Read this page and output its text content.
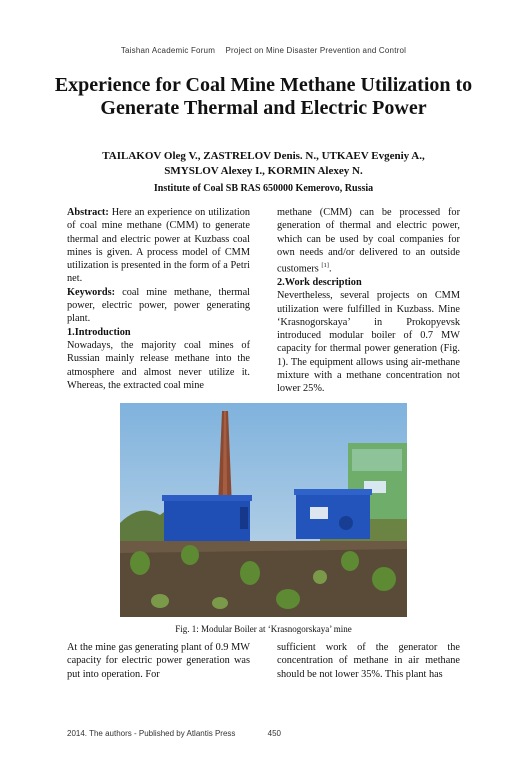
Taishan Academic Forum Project on Mine Disaster Prevention and Control
Experience for Coal Mine Methane Utilization to Generate Thermal and Electric Power
TAILAKOV Oleg V., ZASTRELOV Denis. N., UTKAEV Evgeniy A.,
SMYSLOV Alexey I., KORMIN Alexey N.
Institute of Coal SB RAS 650000 Kemerovo, Russia

Abstract: Here an experience on utilization of coal mine methane (CMM) to generate thermal and electric power at Kuzbass coal mines is given. A process model of CMM utilization is presented in the form of a Petri net.

Keywords: coal mine methane, thermal power, electric power, power generating plant.

1.Introduction

Nowadays, the majority coal mines of Russian mainly release methane into the atmosphere and almost never utilize it. Whereas, the extracted coal mine

methane (CMM) can be processed for generation of thermal and electric power, which can be used by coal companies for own needs and/or delivered to an outside customers [1].

2.Work description

Nevertheless, several projects on CMM utilization were fulfilled in Kuzbass. Mine ‘Krasnogorskaya’ in Prokopyevsk introduced modular boiler of 0.7 MW capacity for thermal power generation (Fig. 1). The equipment allows using air-methane mixture with a methane concentration not lower 25%.

Fig. 1: Modular Boiler at ‘Krasnogorskaya’ mine

At the mine gas generating plant of 0.9 MW capacity for electric power generation was put into operation. For

sufficient work of the generator the concentration of methane in air methane should be not lower 35%. This plant has

2014. The authors - Published by Atlantis Press	450
